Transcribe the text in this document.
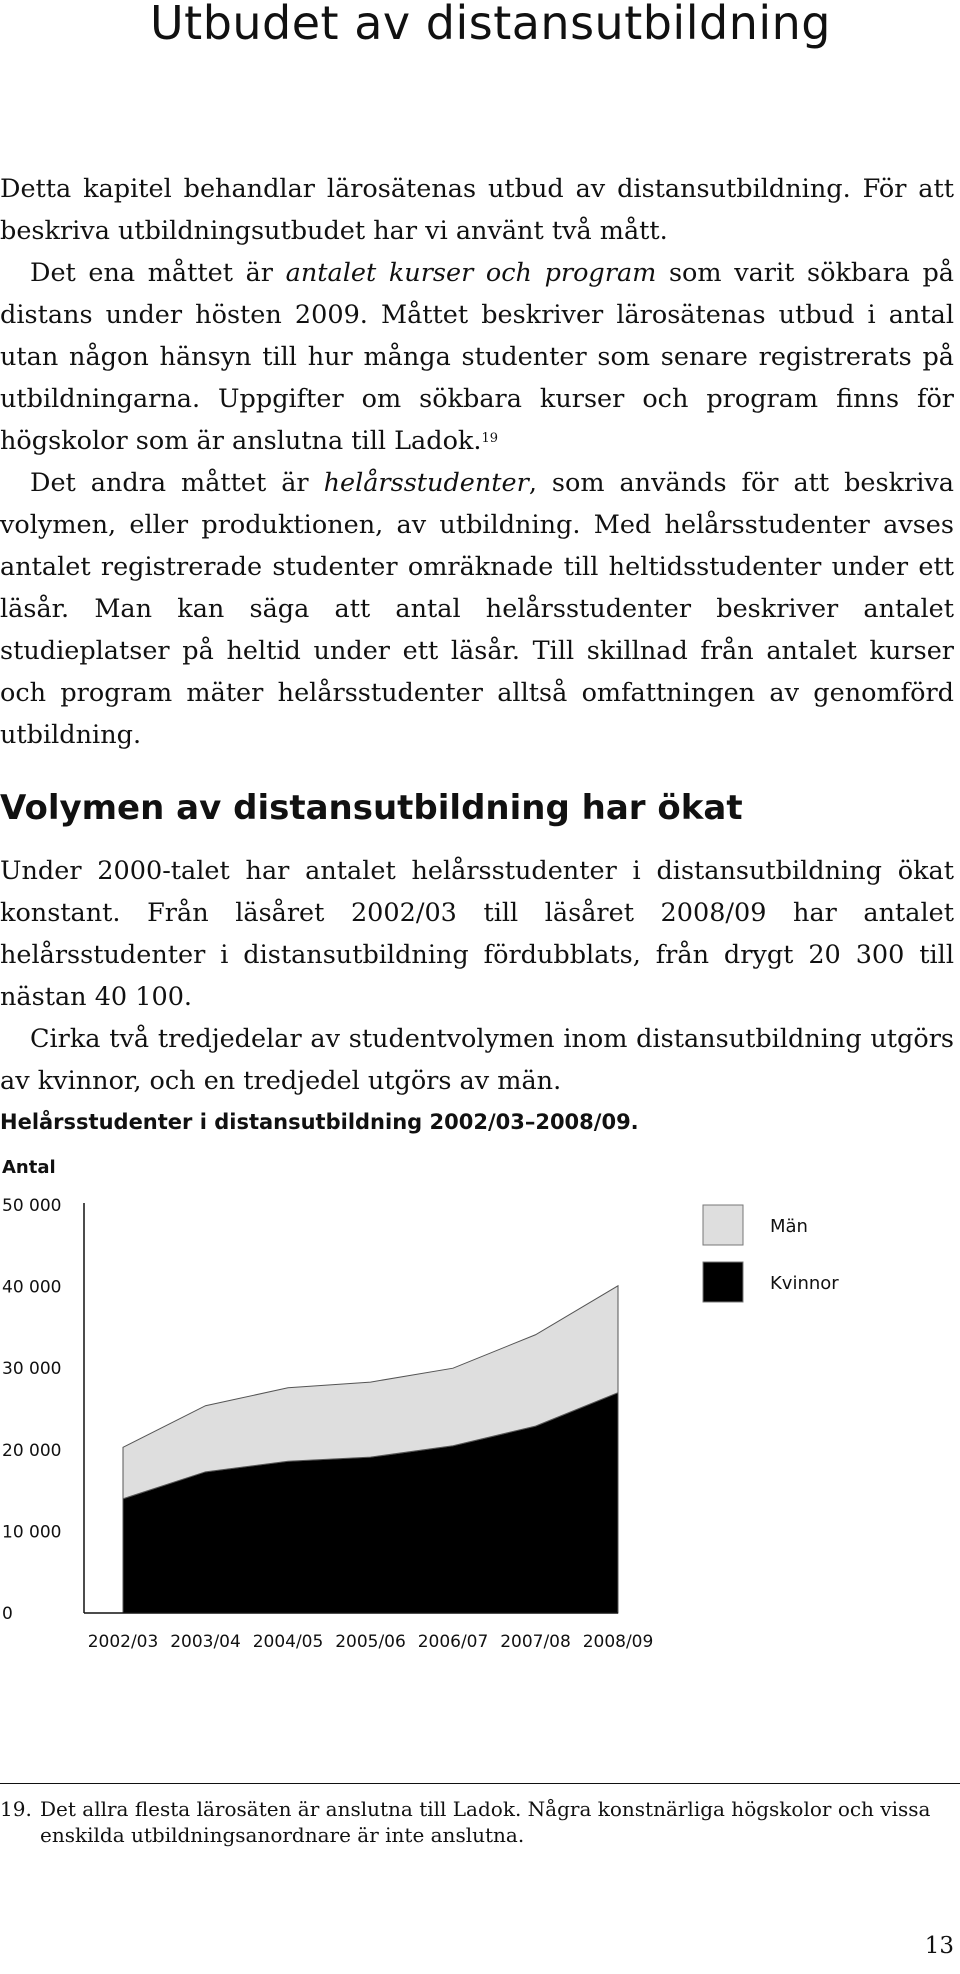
Utbudet av distansutbildning

Detta kapitel behandlar lärosätenas utbud av distansutbildning. För att beskriva utbildningsutbudet har vi använt två mått.

Det ena måttet är antalet kurser och program som varit sökbara på distans under hösten 2009. Måttet beskriver lärosätenas utbud i antal utan någon hänsyn till hur många studenter som senare registrerats på utbildningarna. Uppgifter om sökbara kurser och program finns för högskolor som är anslutna till Ladok.$^{19}$

Det andra måttet är helårsstudenter, som används för att beskriva volymen, eller produktionen, av utbildning. Med helårsstudenter avses antalet registrerade studenter omräknade till heltidsstudenter under ett läsår. Man kan säga att antal helårsstudenter beskriver antalet studieplatser på heltid under ett läsår. Till skillnad från antalet kurser och program mäter helårsstudenter alltså omfattningen av genomförd utbildning.

Volymen av distansutbildning har ökat

Under 2000-talet har antalet helårsstudenter i distansutbildning ökat konstant. Från läsåret 2002/03 till läsåret 2008/09 har antalet helårsstudenter i distansutbildning fördubblats, från drygt 20 300 till nästan 40 100.

Cirka två tredjedelar av studentvolymen inom distansutbildning utgörs av kvinnor, och en tredjedel utgörs av män.

Helårsstudenter i distansutbildning 2002/03–2008/09.
Antal
0
10 000
20 000
30 000
40 000
50 000
2002/03 2003/04 2004/05 2005/06 2006/07 2007/08 2008/09
Män
Kvinnor
19. Det allra flesta lärosäten är anslutna till Ladok. Några konstnärliga högskolor och vissa enskilda utbildningsanordnare är inte anslutna.
13
